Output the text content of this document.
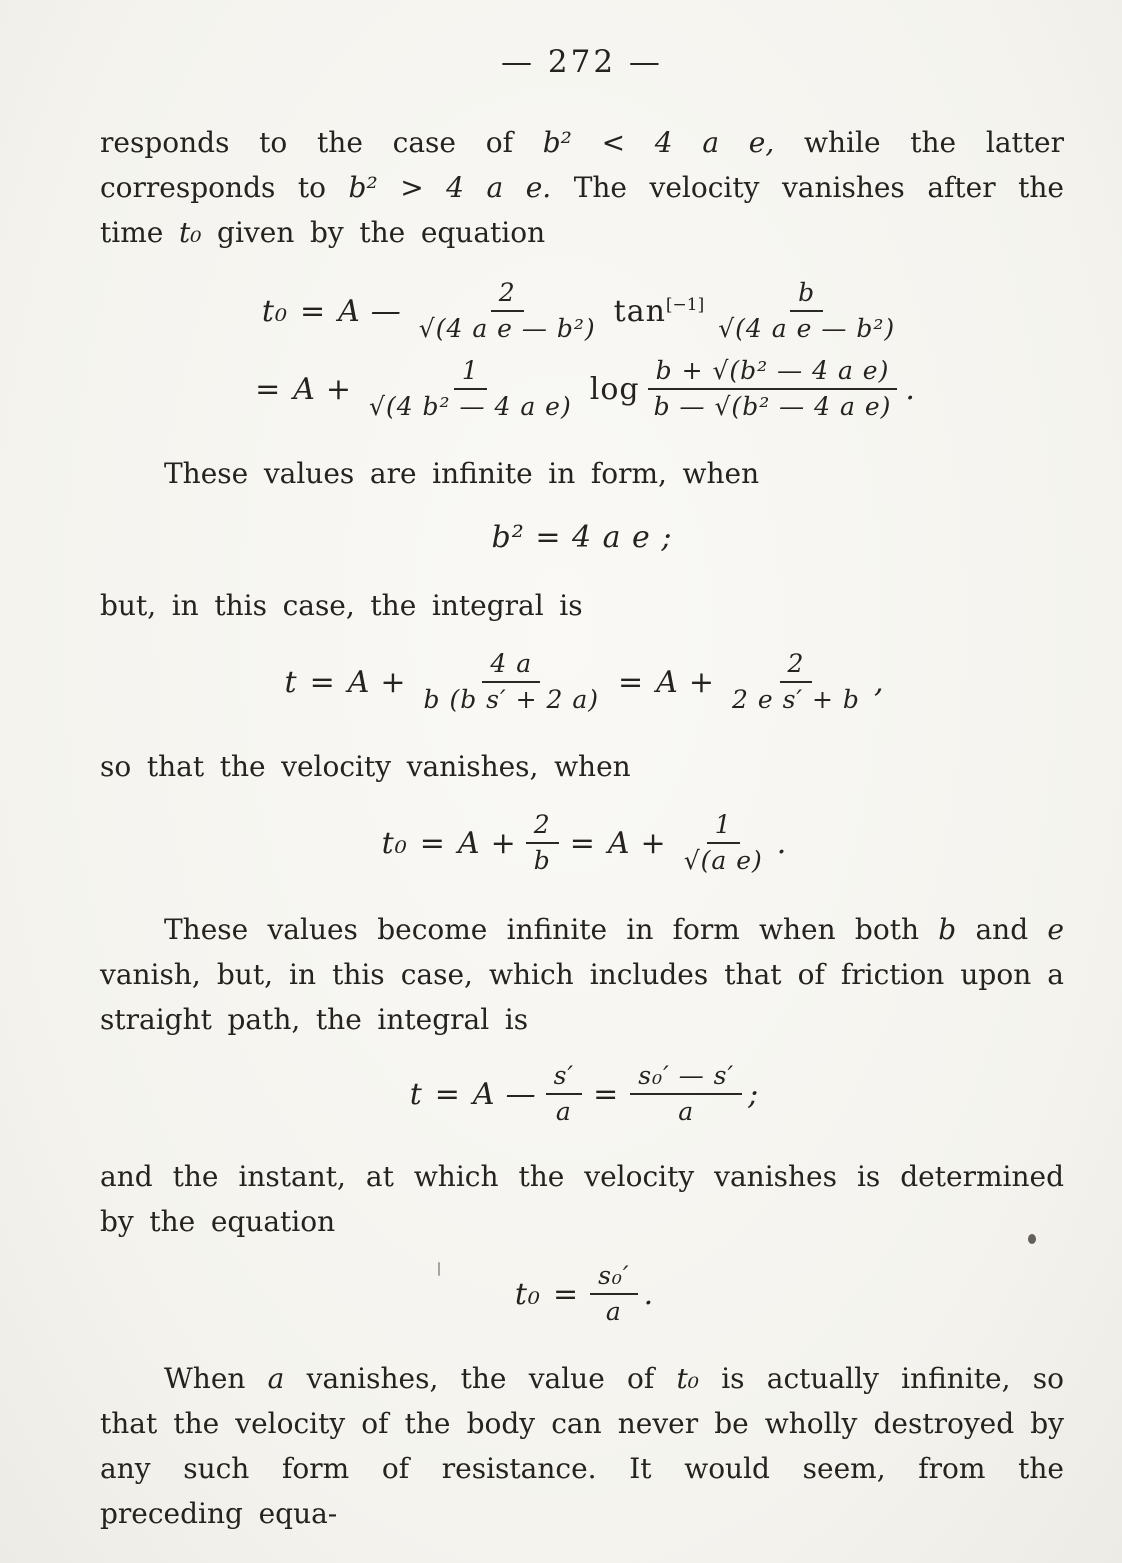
— 272 —

responds to the case of b² < 4 a e, while the latter corresponds to b² > 4 a e. The velocity vanishes after the time t₀ given by the equation

t₀ = A — $\frac{2}{\text{√(4 a e — b²)}} \tan[-1] \frac{b}{\text{√(4 a e — b²)}}$
= $A + \frac{1}{\text{√(4 b² — 4 a e)}}$ $\log \frac{\text{b + √(b² — 4 a e)}}{\text{b — √(b² — 4 a e)}}$ .

These values are infinite in form, when

b² = 4 a e ;

but, in this case, the integral is

$t = A + \frac{4 a}{\text{b (b s′ + 2 a)}} = A + \frac{2}{\text{2 e s′ + b}}$ ,

so that the velocity vanishes, when

$t_0 = A + \frac{2}{b} = A + \frac{1}{\text{√(a e)}}$ .

These values become infinite in form when both b and e vanish, but, in this case, which includes that of friction upon a straight path, the integral is

t = A — $\frac{s'}{a} = \frac{\text{s₀′ — s′}}{a}$ ;

and the instant, at which the velocity vanishes is determined by the equation

$t_0 = \frac{\text{s₀′}}{a}$ .

When a vanishes, the value of t₀ is actually infinite, so that the velocity of the body can never be wholly destroyed by any such form of resistance. It would seem, from the preceding equa-
